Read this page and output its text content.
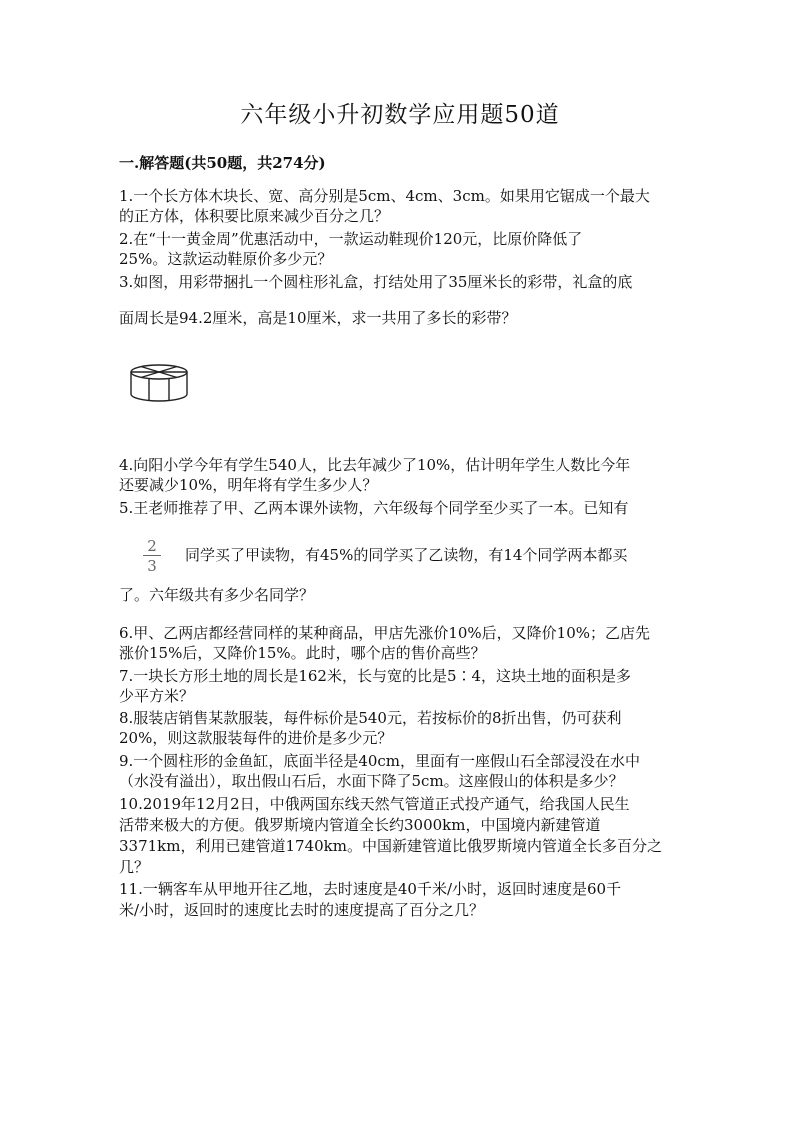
六年级小升初数学应用题50道
一.解答题(共50题，共274分)
1.一个长方体木块长、宽、高分别是5cm、4cm、3cm。如果用它锯成一个最大
的正方体，体积要比原来减少百分之几？
2.在“十一黄金周”优惠活动中，一款运动鞋现价120元，比原价降低了
25%。这款运动鞋原价多少元？
3.如图，用彩带捆扎一个圆柱形礼盒，打结处用了35厘米长的彩带，礼盒的底
面周长是94.2厘米，高是10厘米，求一共用了多长的彩带？
4.向阳小学今年有学生540人，比去年减少了10%，估计明年学生人数比今年
还要减少10%，明年将有学生多少人？
5.王老师推荐了甲、乙两本课外读物，六年级每个同学至少买了一本。已知有
2
3
同学买了甲读物，有45%的同学买了乙读物，有14个同学两本都买
了。六年级共有多少名同学？
6.甲、乙两店都经营同样的某种商品，甲店先涨价10%后，又降价10%；乙店先
涨价15%后，又降价15%。此时，哪个店的售价高些？
7.一块长方形土地的周长是162米，长与宽的比是5∶4，这块土地的面积是多
少平方米？
8.服装店销售某款服装，每件标价是540元，若按标价的8折出售，仍可获利
20%，则这款服装每件的进价是多少元？
9.一个圆柱形的金鱼缸，底面半径是40cm，里面有一座假山石全部浸没在水中
（水没有溢出），取出假山石后，水面下降了5cm。这座假山的体积是多少？
10.2019年12月2日，中俄两国东线天然气管道正式投产通气，给我国人民生
活带来极大的方便。俄罗斯境内管道全长约3000km，中国境内新建管道
3371km，利用已建管道1740km。中国新建管道比俄罗斯境内管道全长多百分之
几？
11.一辆客车从甲地开往乙地，去时速度是40千米/小时，返回时速度是60千
米/小时，返回时的速度比去时的速度提高了百分之几？
